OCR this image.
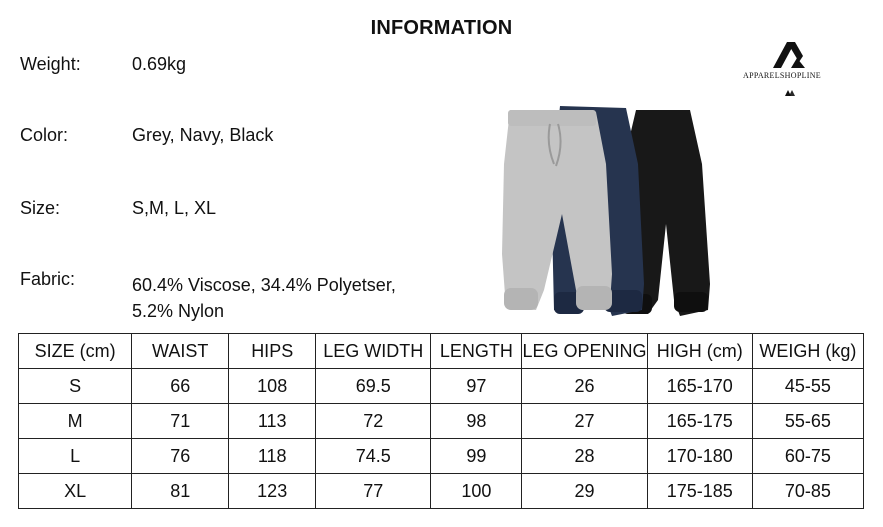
INFORMATION
Weight:	0.69kg
Color:	Grey, Navy, Black
Size:	S,M, L, XL
Fabric:	60.4% Viscose, 34.4% Polyetser, 5.2% Nylon
APPARELSHOPLINE
SIZE (cm)	WAIST	HIPS	LEG WIDTH	LENGTH	LEG OPENING	HIGH (cm)	WEIGH (kg)
S	66	108	69.5	97	26	165-170	45-55
M	71	113	72	98	27	165-175	55-65
L	76	118	74.5	99	28	170-180	60-75
XL	81	123	77	100	29	175-185	70-85
